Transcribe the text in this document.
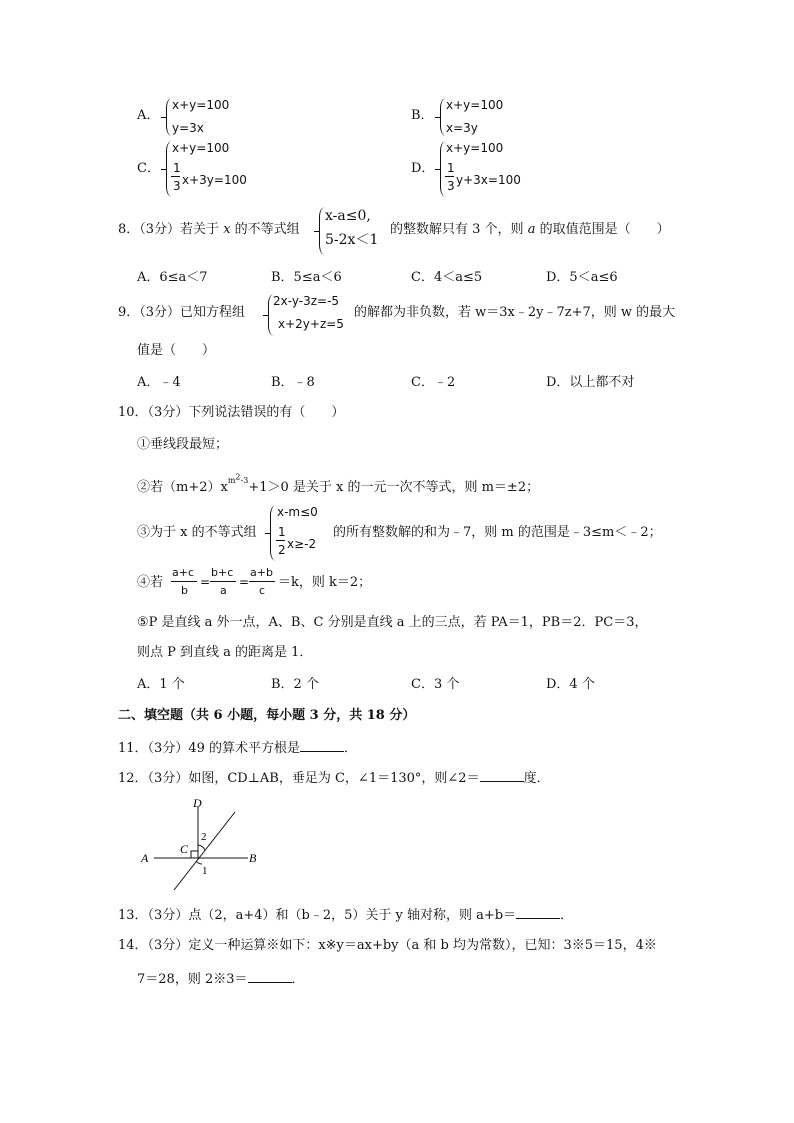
A．
x+y=100
y=3x
B．
x+y=100
x=3y
C．
x+y=100
1
3 x+3y=100
D．
x+y=100
1
3 y+3x=100
8．（3分）若关于 x 的不等式组
x-a≤0,
5-2x＜1
的整数解只有 3 个，则 a 的取值范围是（　　）
A．6≤a＜7	B．5≤a＜6	C．4＜a≤5	D．5＜a≤6
9．（3分）已知方程组
2x-y-3z=-5
x+2y+z=5
的解都为非负数，若 w＝3x﹣2y﹣7z+7，则 w 的最大
值是（　　）
A．﹣4	B．﹣8	C．﹣2	D．以上都不对
10．（3分）下列说法错误的有（　　）
①垂线段最短；
②若$(m+2)x^{m^2-3}+1>0$ 是关于 x 的一元一次不等式，则 m＝±2；
③为于 x 的不等式组
x-m≤0
1
2 x≥-2
的所有整数解的和为﹣7，则 m 的范围是﹣3≤m＜﹣2；
④若
a+c
b
=
b+c
a
=
a+b
c
＝k，则 k＝2；
⑤P 是直线 a 外一点，A、B、C 分别是直线 a 上的三点，若 PA＝1，PB＝2．PC＝3，
则点 P 到直线 a 的距离是 1．
A．1 个	B．2 个	C．3 个	D．4 个
二、填空题（共 6 小题，每小题 3 分，共 18 分）
11．（3分）49 的算术平方根是	．
12．（3分）如图，CD⊥AB，垂足为 C，∠1＝130°，则∠2＝	度．
D
C
A	B
2
1
13．（3分）点（2，a+4）和（b﹣2，5）关于 y 轴对称，则 a+b＝	．
14．（3分）定义一种运算※如下：x※y＝ax+by（a 和 b 均为常数），已知：3※5＝15，4※
7＝28，则 2※3＝	．
